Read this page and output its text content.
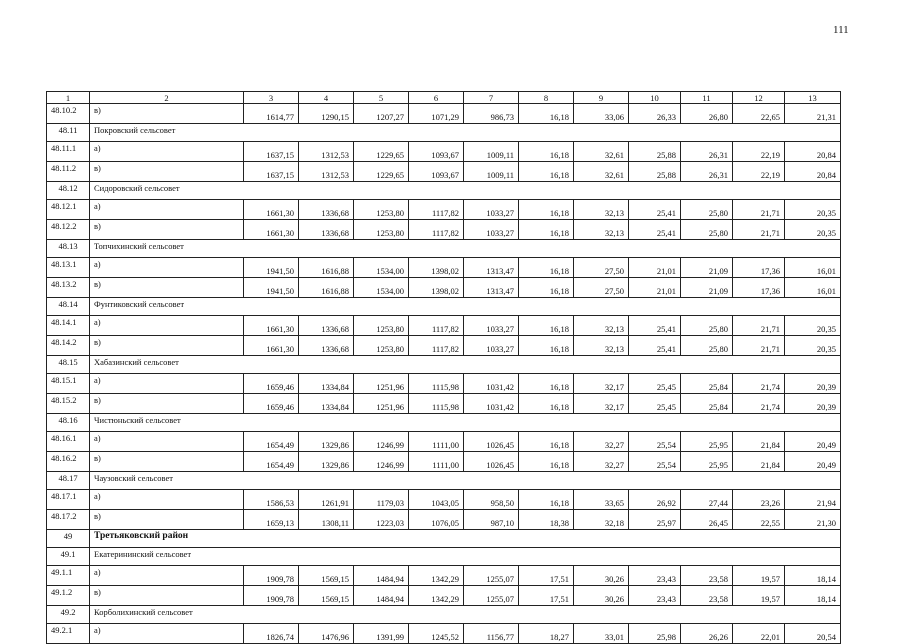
111
1	2	3	4	5	6	7	8	9	10	11	12	13
48.10.2	в)	1614,77	1290,15	1207,27	1071,29	986,73	16,18	33,06	26,33	26,80	22,65	21,31
48.11	Покровский сельсовет											
48.11.1	а)	1637,15	1312,53	1229,65	1093,67	1009,11	16,18	32,61	25,88	26,31	22,19	20,84
48.11.2	в)	1637,15	1312,53	1229,65	1093,67	1009,11	16,18	32,61	25,88	26,31	22,19	20,84
48.12	Сидоровский сельсовет											
48.12.1	а)	1661,30	1336,68	1253,80	1117,82	1033,27	16,18	32,13	25,41	25,80	21,71	20,35
48.12.2	в)	1661,30	1336,68	1253,80	1117,82	1033,27	16,18	32,13	25,41	25,80	21,71	20,35
48.13	Топчихинский сельсовет											
48.13.1	а)	1941,50	1616,88	1534,00	1398,02	1313,47	16,18	27,50	21,01	21,09	17,36	16,01
48.13.2	в)	1941,50	1616,88	1534,00	1398,02	1313,47	16,18	27,50	21,01	21,09	17,36	16,01
48.14	Фунтиковский сельсовет											
48.14.1	а)	1661,30	1336,68	1253,80	1117,82	1033,27	16,18	32,13	25,41	25,80	21,71	20,35
48.14.2	в)	1661,30	1336,68	1253,80	1117,82	1033,27	16,18	32,13	25,41	25,80	21,71	20,35
48.15	Хабазинский сельсовет											
48.15.1	а)	1659,46	1334,84	1251,96	1115,98	1031,42	16,18	32,17	25,45	25,84	21,74	20,39
48.15.2	в)	1659,46	1334,84	1251,96	1115,98	1031,42	16,18	32,17	25,45	25,84	21,74	20,39
48.16	Чистюньский сельсовет											
48.16.1	а)	1654,49	1329,86	1246,99	1111,00	1026,45	16,18	32,27	25,54	25,95	21,84	20,49
48.16.2	в)	1654,49	1329,86	1246,99	1111,00	1026,45	16,18	32,27	25,54	25,95	21,84	20,49
48.17	Чаузовский сельсовет											
48.17.1	а)	1586,53	1261,91	1179,03	1043,05	958,50	16,18	33,65	26,92	27,44	23,26	21,94
48.17.2	в)	1659,13	1308,11	1223,03	1076,05	987,10	18,38	32,18	25,97	26,45	22,55	21,30
49	Третьяковский район											
49.1	Екатерининский сельсовет											
49.1.1	а)	1909,78	1569,15	1484,94	1342,29	1255,07	17,51	30,26	23,43	23,58	19,57	18,14
49.1.2	в)	1909,78	1569,15	1484,94	1342,29	1255,07	17,51	30,26	23,43	23,58	19,57	18,14
49.2	Корболихинский сельсовет											
49.2.1	а)	1826,74	1476,96	1391,99	1245,52	1156,77	18,27	33,01	25,98	26,26	22,01	20,54
